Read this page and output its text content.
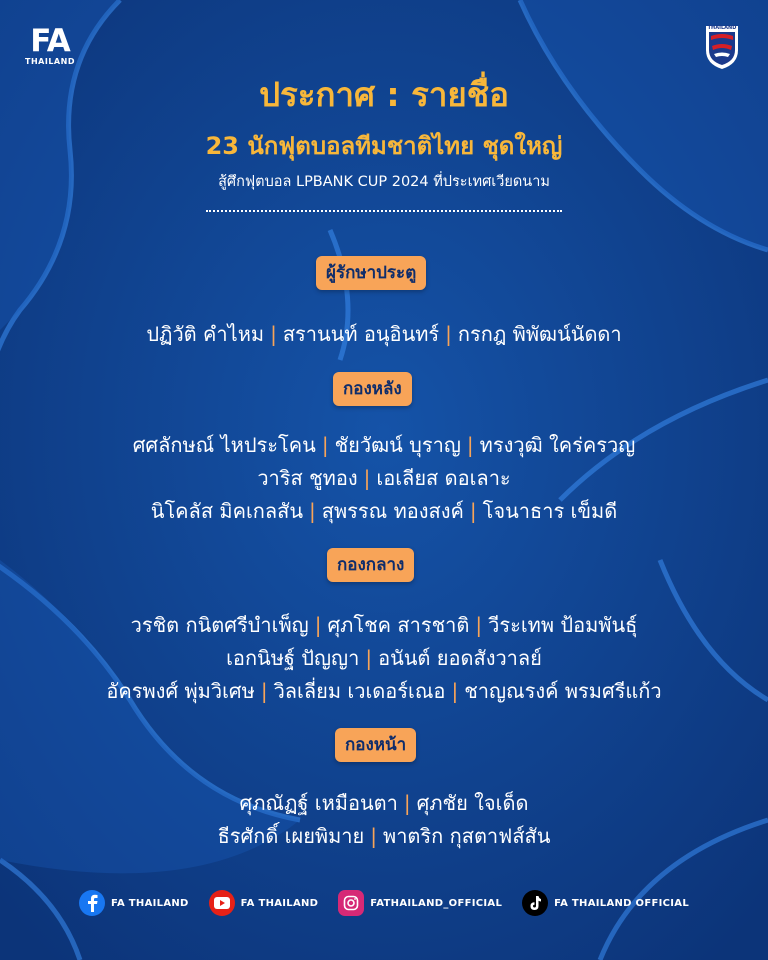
FA
THAILAND
THAILAND
ประกาศ : รายชื่อ
23 นักฟุตบอลทีมชาติไทย ชุดใหญ่
สู้ศึกฟุตบอล LPBANK CUP 2024 ที่ประเทศเวียดนาม
ผู้รักษาประตู
ปฏิวัติ คำไหม | สรานนท์ อนุอินทร์ | กรกฎ พิพัฒน์นัดดา
กองหลัง
ศศลักษณ์ ไหประโคน | ชัยวัฒน์ บุราญ | ทรงวุฒิ ใคร่ครวญ
วาริส ชูทอง | เอเลียส ดอเลาะ
นิโคลัส มิคเกลสัน | สุพรรณ ทองสงค์ | โจนาธาร เข็มดี
กองกลาง
วรชิต กนิตศรีบำเพ็ญ | ศุภโชค สารชาติ | วีระเทพ ป้อมพันธุ์
เอกนิษฐ์ ปัญญา | อนันต์ ยอดสังวาลย์
อัครพงศ์ พุ่มวิเศษ | วิลเลี่ยม เวเดอร์เณอ | ชาญณรงค์ พรมศรีแก้ว
กองหน้า
ศุภณัฏฐ์ เหมือนตา | ศุภชัย ใจเด็ด
ธีรศักดิ์ เผยพิมาย | พาตริก กุสตาฟส์สัน
FA THAILAND	FA THAILAND	FATHAILAND_OFFICIAL	FA THAILAND OFFICIAL
